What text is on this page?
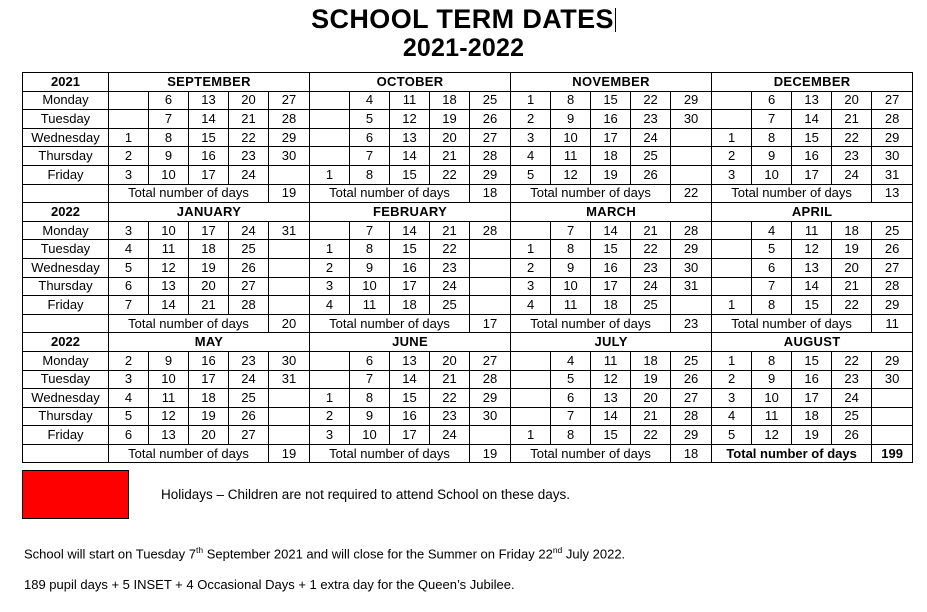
SCHOOL TERM DATES
2021-2022
2021	SEPTEMBER					OCTOBER					NOVEMBER					DECEMBER				
Monday		6	13	20	27		4	11	18	25	1	8	15	22	29		6	13	20	27
Tuesday		7	14	21	28		5	12	19	26	2	9	16	23	30		7	14	21	28
Wednesday	1	8	15	22	29		6	13	20	27	3	10	17	24		1	8	15	22	29
Thursday	2	9	16	23	30		7	14	21	28	4	11	18	25		2	9	16	23	30
Friday	3	10	17	24		1	8	15	22	29	5	12	19	26		3	10	17	24	31
	Total number of days				19	Total number of days				18	Total number of days				22	Total number of days				13
2022	JANUARY					FEBRUARY					MARCH					APRIL				
Monday	3	10	17	24	31		7	14	21	28		7	14	21	28		4	11	18	25
Tuesday	4	11	18	25		1	8	15	22		1	8	15	22	29		5	12	19	26
Wednesday	5	12	19	26		2	9	16	23		2	9	16	23	30		6	13	20	27
Thursday	6	13	20	27		3	10	17	24		3	10	17	24	31		7	14	21	28
Friday	7	14	21	28		4	11	18	25		4	11	18	25		1	8	15	22	29
	Total number of days				20	Total number of days				17	Total number of days				23	Total number of days				11
2022	MAY					JUNE					JULY					AUGUST				
Monday	2	9	16	23	30		6	13	20	27		4	11	18	25	1	8	15	22	29
Tuesday	3	10	17	24	31		7	14	21	28		5	12	19	26	2	9	16	23	30
Wednesday	4	11	18	25		1	8	15	22	29		6	13	20	27	3	10	17	24	
Thursday	5	12	19	26		2	9	16	23	30		7	14	21	28	4	11	18	25	
Friday	6	13	20	27		3	10	17	24		1	8	15	22	29	5	12	19	26	
	Total number of days				19	Total number of days				19	Total number of days				18	Total number of days				199
Holidays – Children are not required to attend School on these days.
School will start on Tuesday 7th September 2021 and will close for the Summer on Friday 22nd July 2022.
189 pupil days + 5 INSET + 4 Occasional Days + 1 extra day for the Queen’s Jubilee.
